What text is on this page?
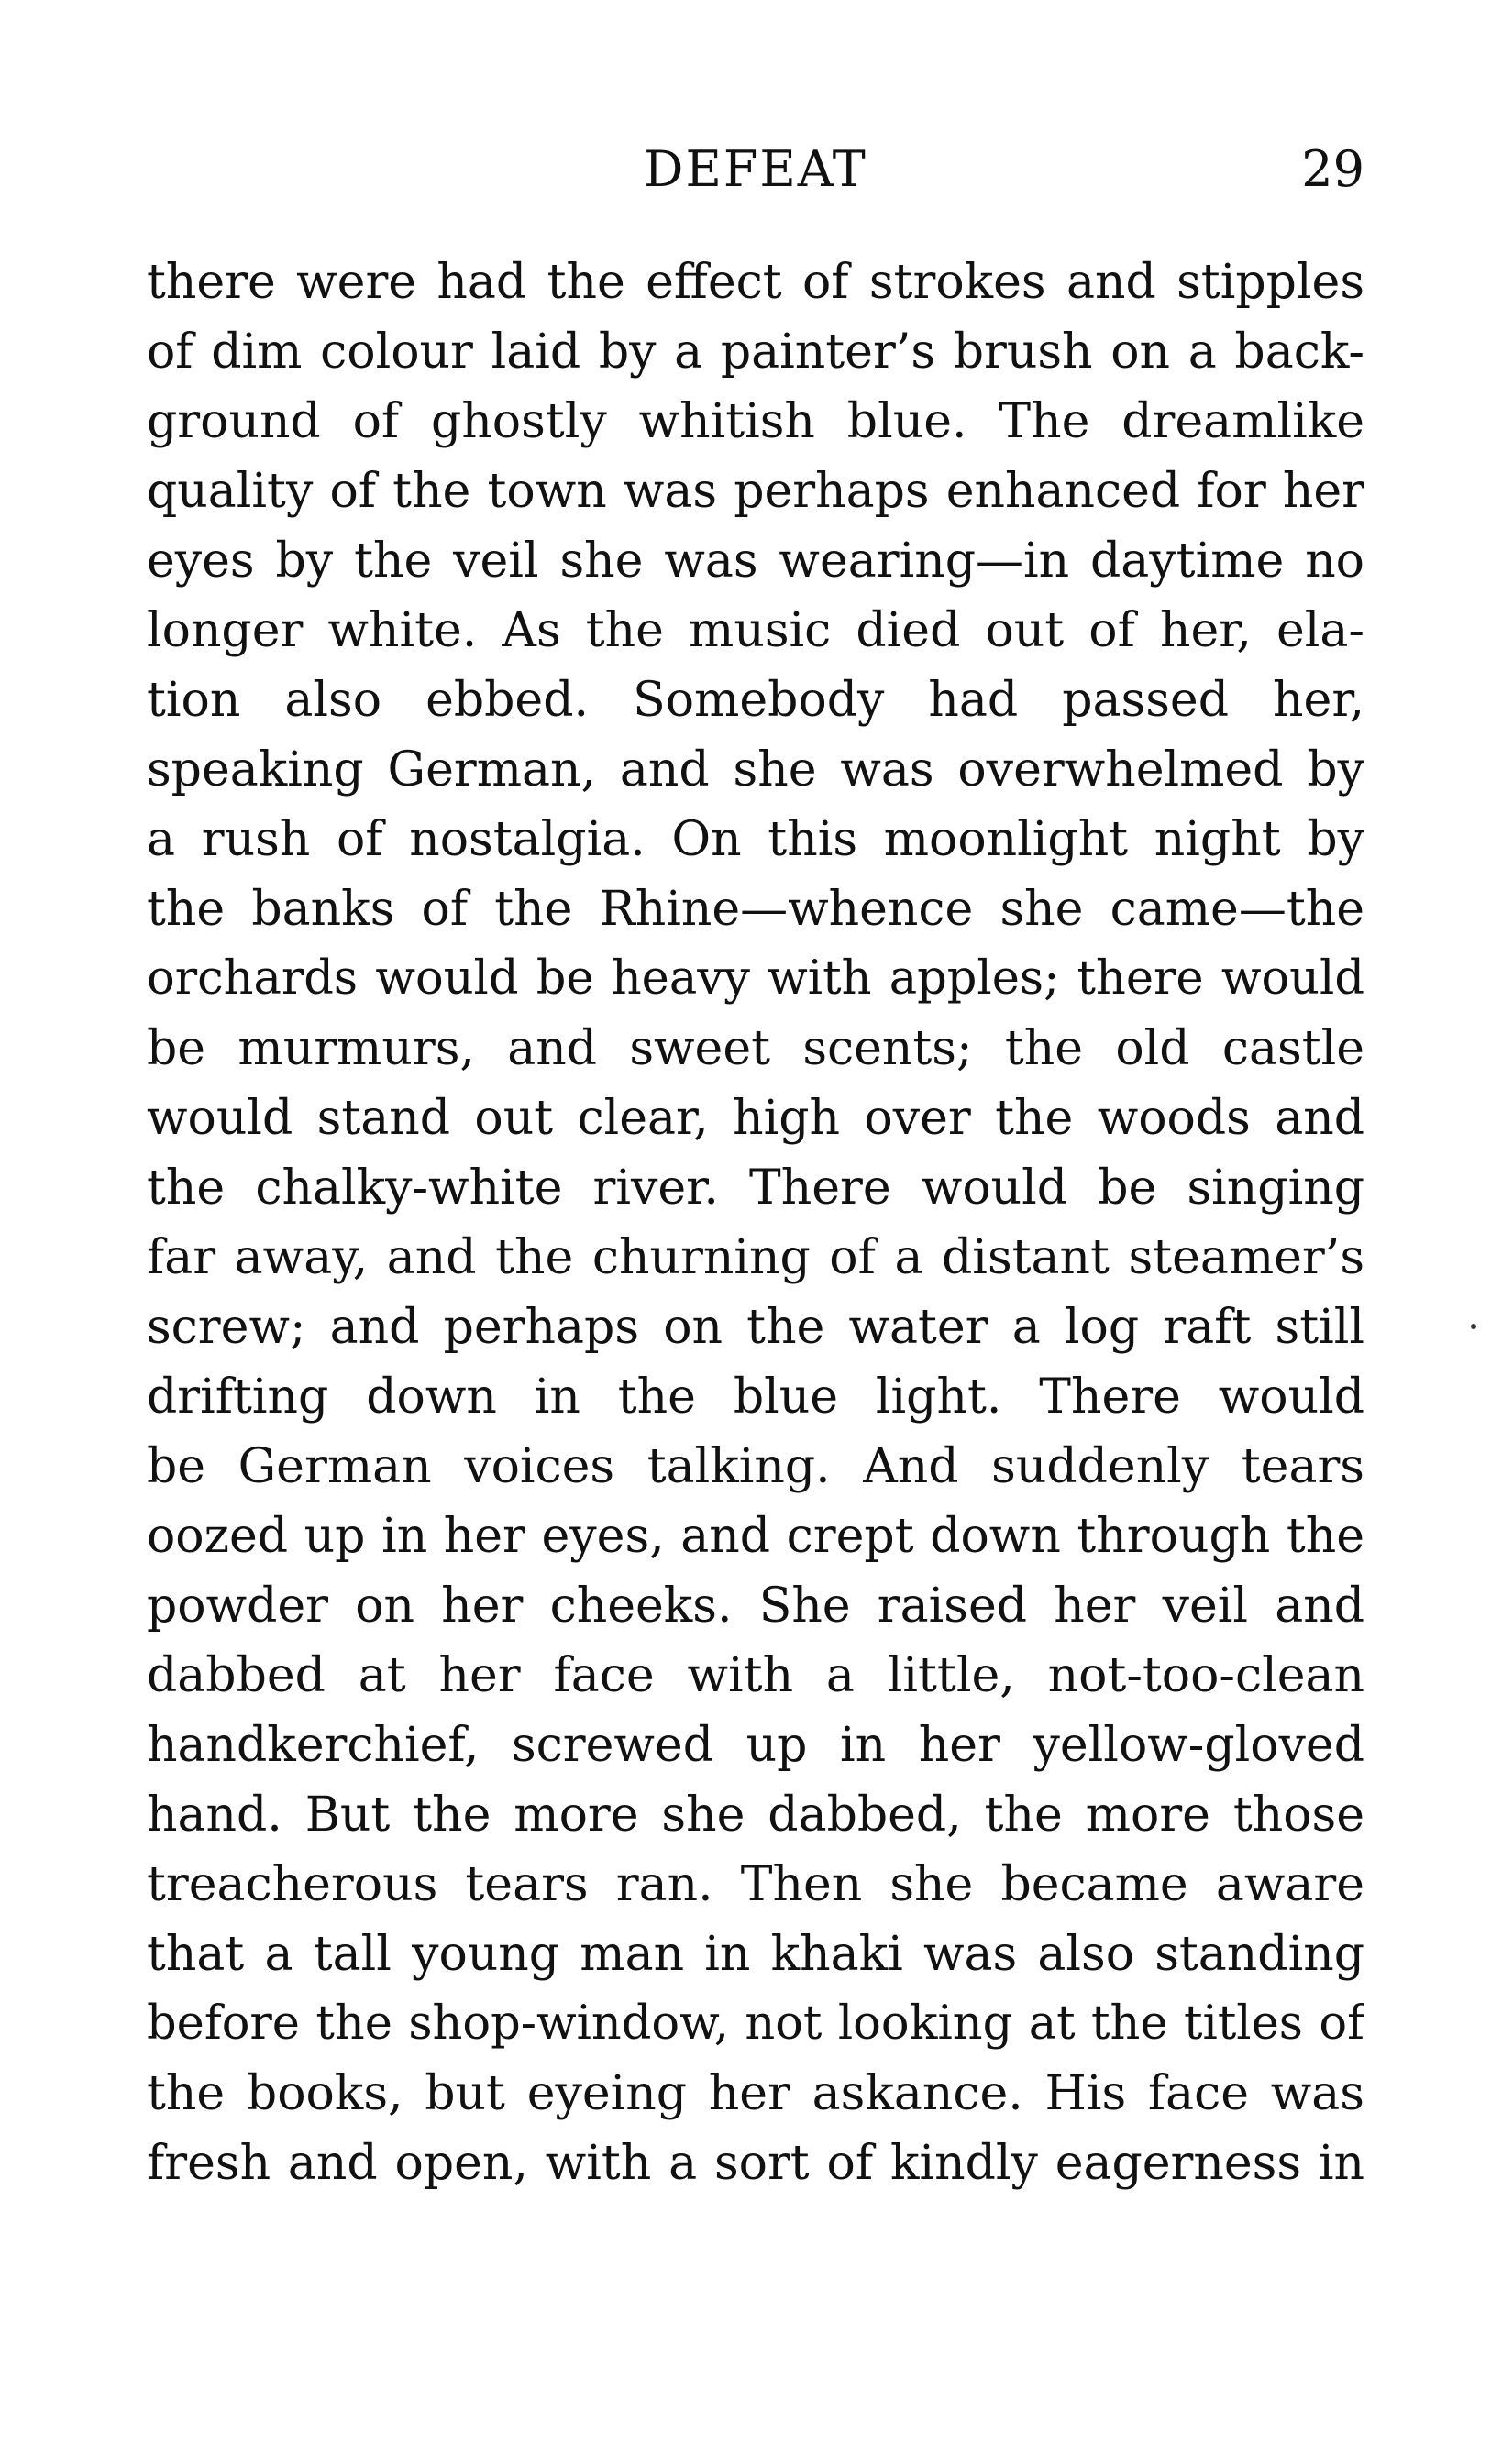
DEFEAT	29
there were had the effect of strokes and stipples
of dim colour laid by a painter’s brush on a back-
ground of ghostly whitish blue. The dreamlike
quality of the town was perhaps enhanced for her
eyes by the veil she was wearing—in daytime no
longer white. As the music died out of her, ela-
tion also ebbed. Somebody had passed her,
speaking German, and she was overwhelmed by
a rush of nostalgia. On this moonlight night by
the banks of the Rhine—whence she came—the
orchards would be heavy with apples; there would
be murmurs, and sweet scents; the old castle
would stand out clear, high over the woods and
the chalky-white river. There would be singing
far away, and the churning of a distant steamer’s
screw; and perhaps on the water a log raft still
drifting down in the blue light. There would
be German voices talking. And suddenly tears
oozed up in her eyes, and crept down through the
powder on her cheeks. She raised her veil and
dabbed at her face with a little, not-too-clean
handkerchief, screwed up in her yellow-gloved
hand. But the more she dabbed, the more those
treacherous tears ran. Then she became aware
that a tall young man in khaki was also standing
before the shop-window, not looking at the titles of
the books, but eyeing her askance. His face was
fresh and open, with a sort of kindly eagerness in
